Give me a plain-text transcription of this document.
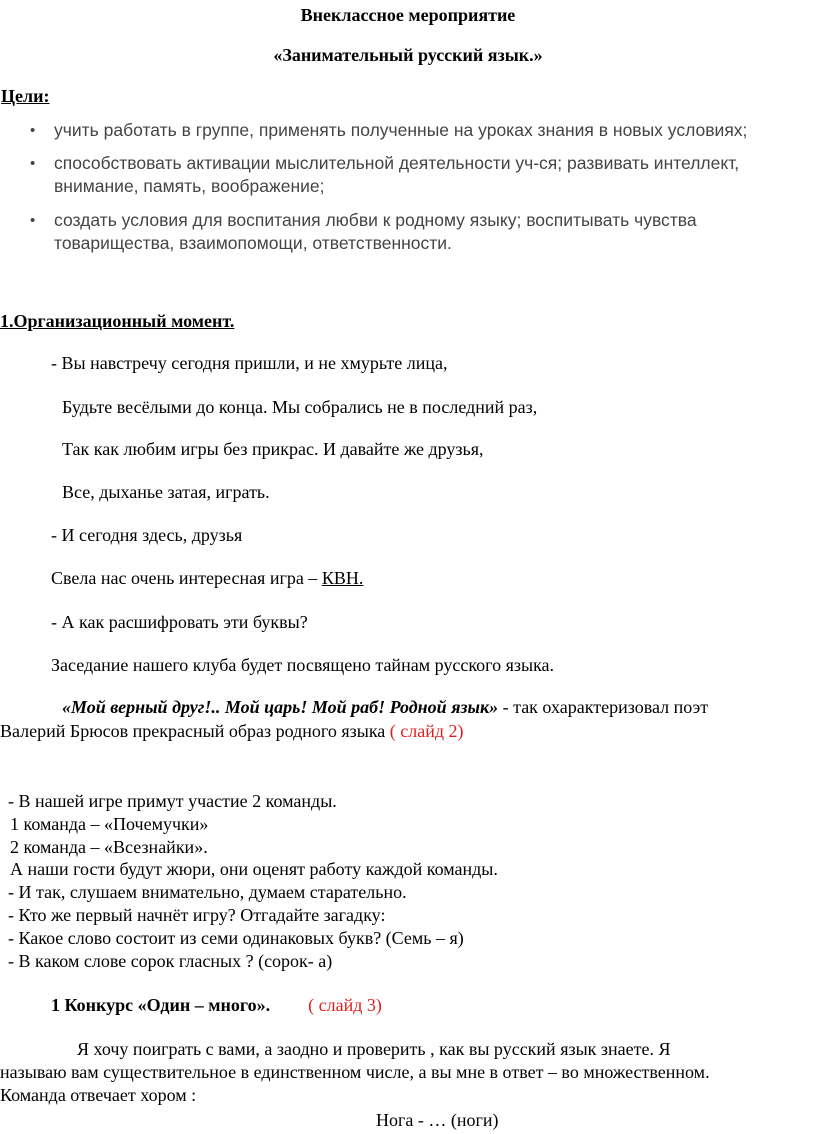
Внеклассное мероприятие
«Занимательный русский язык.»
Цели:
• учить работать в группе, применять полученные на уроках знания в новых условиях;
• способствовать активации мыслительной деятельности уч-ся; развивать интеллект,
внимание, память, воображение;
• создать условия для воспитания любви к родному языку; воспитывать чувства
товарищества, взаимопомощи, ответственности.
1.Организационный момент.
- Вы навстречу сегодня пришли, и не хмурьте лица,
Будьте весёлыми до конца. Мы собрались не в последний раз,
Так как любим игры без прикрас. И давайте же друзья,
Все, дыханье затая, играть.
- И сегодня здесь, друзья
Свела нас очень интересная игра – КВН.
- А как расшифровать эти буквы?
Заседание нашего клуба будет посвящено тайнам русского языка.
«Мой верный друг!.. Мой царь! Мой раб! Родной язык» - так охарактеризовал поэт
Валерий Брюсов прекрасный образ родного языка ( слайд 2)
- В нашей игре примут участие 2 команды.
1 команда – «Почемучки»
2 команда – «Всезнайки».
А наши гости будут жюри, они оценят работу каждой команды.
- И так, слушаем внимательно, думаем старательно.
- Кто же первый начнёт игру? Отгадайте загадку:
- Какое слово состоит из семи одинаковых букв? (Семь – я)
- В каком слове сорок гласных ? (сорок- а)
1 Конкурс «Один – много». ( слайд 3)
Я хочу поиграть с вами, а заодно и проверить , как вы русский язык знаете. Я
называю вам существительное в единственном числе, а вы мне в ответ – во множественном.
Команда отвечает хором :
Нога - … (ноги)
